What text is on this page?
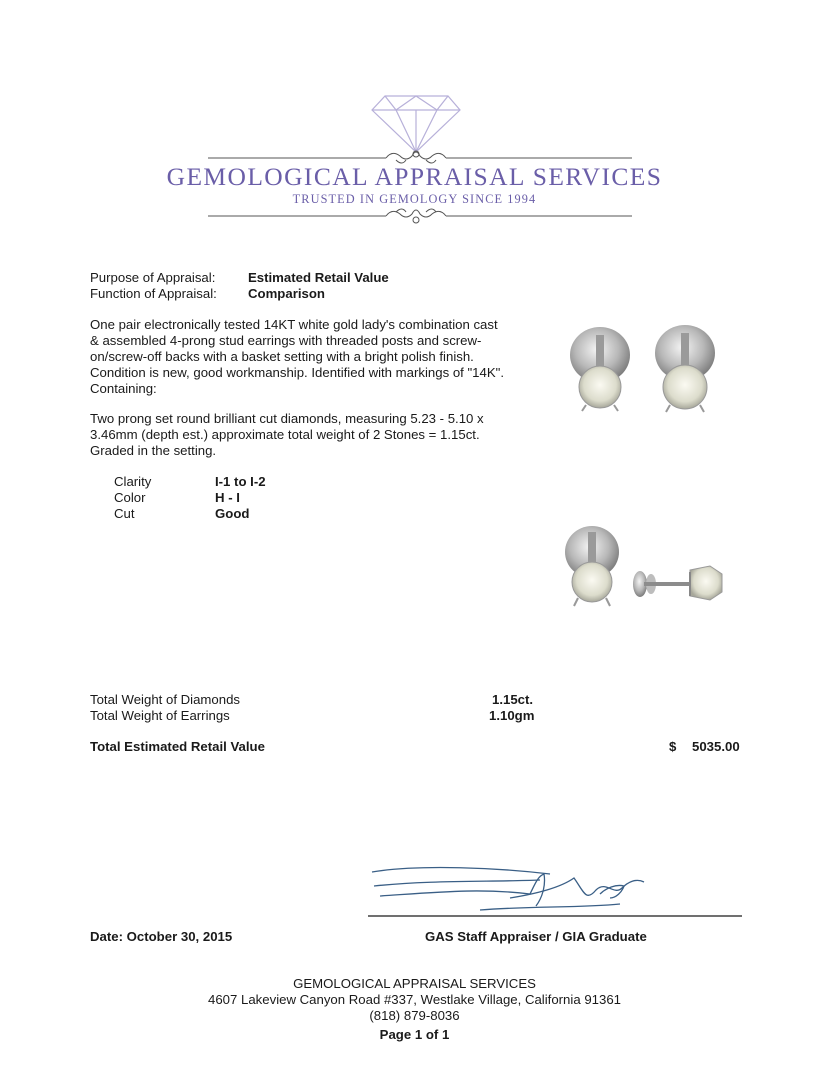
GEMOLOGICAL APPRAISAL SERVICES
TRUSTED IN GEMOLOGY SINCE 1994
Purpose of Appraisal: Estimated Retail Value
Function of Appraisal: Comparison
One pair electronically tested 14KT white gold lady's combination cast & assembled 4-prong stud earrings with threaded posts and screw-on/screw-off backs with a basket setting with a bright polish finish. Condition is new, good workmanship. Identified with markings of "14K". Containing:
Two prong set round brilliant cut diamonds, measuring 5.23 - 5.10 x 3.46mm (depth est.) approximate total weight of 2 Stones = 1.15ct. Graded in the setting.
Clarity	I-1 to I-2
Color	H - I
Cut	Good
Total Weight of Diamonds	1.15ct.
Total Weight of Earrings	1.10gm
Total Estimated Retail Value	$ 5035.00
Date: October 30, 2015	GAS Staff Appraiser / GIA Graduate
GEMOLOGICAL APPRAISAL SERVICES
4607 Lakeview Canyon Road #337, Westlake Village, California 91361
(818) 879-8036
Page 1 of 1
